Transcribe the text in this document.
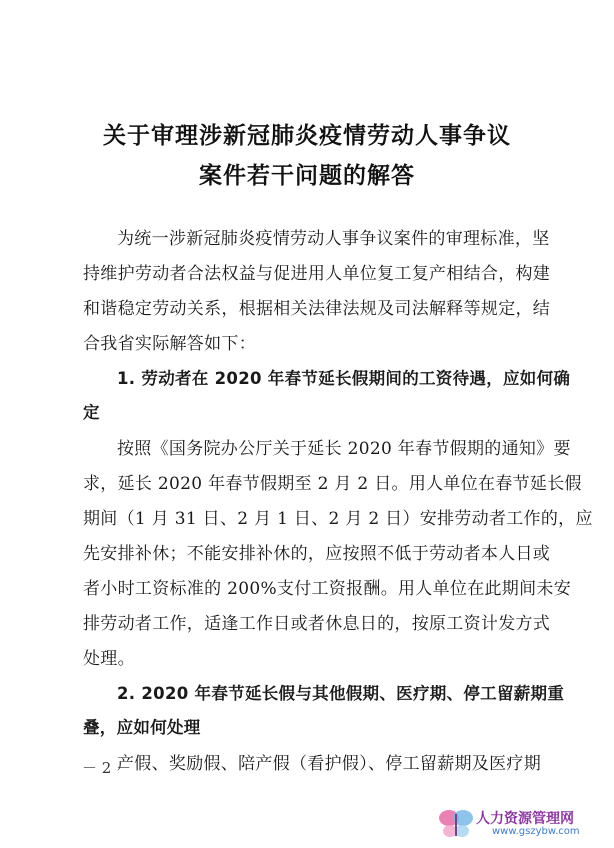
关于审理涉新冠肺炎疫情劳动人事争议
案件若干问题的解答
为统一涉新冠肺炎疫情劳动人事争议案件的审理标准，坚
持维护劳动者合法权益与促进用人单位复工复产相结合，构建
和谐稳定劳动关系，根据相关法律法规及司法解释等规定，结
合我省实际解答如下：
1. 劳动者在 2020 年春节延长假期间的工资待遇，应如何确
定
按照《国务院办公厅关于延长 2020 年春节假期的通知》要
求，延长 2020 年春节假期至 2 月 2 日。用人单位在春节延长假
期间（1 月 31 日、2 月 1 日、2 月 2 日）安排劳动者工作的，应
先安排补休；不能安排补休的，应按照不低于劳动者本人日或
者小时工资标准的 200%支付工资报酬。用人单位在此期间未安
排劳动者工作，适逢工作日或者休息日的，按原工资计发方式
处理。
2. 2020 年春节延长假与其他假期、医疗期、停工留薪期重
叠，应如何处理
产假、奖励假、陪产假（看护假）、停工留薪期及医疗期
－ 2 －
人力资源管理网
www.gszybw.com
